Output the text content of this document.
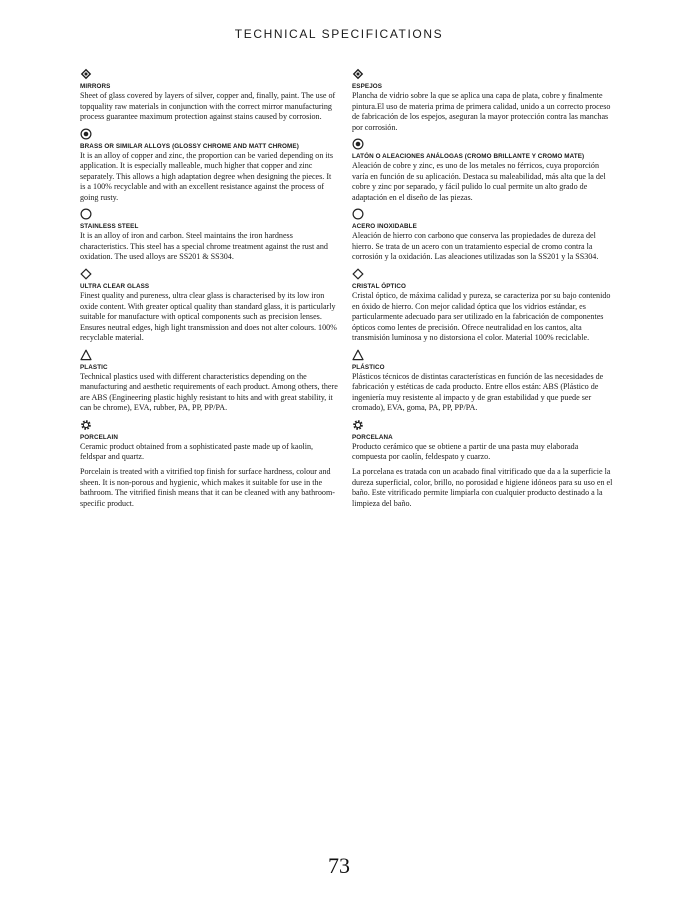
TECHNICAL SPECIFICATIONS
MIRRORS

Sheet of glass covered by layers of silver, copper and, finally, paint. The use of topquality raw materials in conjunction with the correct mirror manufacturing process guarantee maximum protection against stains caused by corrosion.

BRASS OR SIMILAR ALLOYS (GLOSSY CHROME AND MATT CHROME)

It is an alloy of copper and zinc, the proportion can be varied depending on its application. It is especially malleable, much higher that copper and zinc separately. This allows a high adaptation degree when designing the pieces. It is a 100% recyclable and with an excellent resistance against the process of going rusty.

STAINLESS STEEL

It is an alloy of iron and carbon. Steel maintains the iron hardness characteristics. This steel has a special chrome treatment against the rust and oxidation. The used alloys are SS201 & SS304.

ULTRA CLEAR GLASS

Finest quality and pureness, ultra clear glass is characterised by its low iron oxide content. With greater optical quality than standard glass, it is particularly suitable for manufacture with optical components such as precision lenses. Ensures neutral edges, high light transmission and does not alter colours. 100% recyclable material.

PLASTIC

Technical plastics used with different characteristics depending on the manufacturing and aesthetic requirements of each product. Among others, there are ABS (Engineering plastic highly resistant to hits and with great stability, it can be chrome), EVA, rubber, PA, PP, PP/PA.

PORCELAIN

Ceramic product obtained from a sophisticated paste made up of kaolin, feldspar and quartz.

Porcelain is treated with a vitrified top finish for surface hardness, colour and sheen. It is non-porous and hygienic, which makes it suitable for use in the bathroom. The vitrified finish means that it can be cleaned with any bathroom-specific product.

ESPEJOS

Plancha de vidrio sobre la que se aplica una capa de plata, cobre y finalmente pintura.El uso de materia prima de primera calidad, unido a un correcto proceso de fabricación de los espejos, aseguran la mayor protección contra las manchas por corrosión.

LATÓN O ALEACIONES ANÁLOGAS (CROMO BRILLANTE Y CROMO MATE)

Aleación de cobre y zinc, es uno de los metales no férricos, cuya proporción varía en función de su aplicación. Destaca su maleabilidad, más alta que la del cobre y zinc por separado, y fácil pulido lo cual permite un alto grado de adaptación en el diseño de las piezas.

ACERO INOXIDABLE

Aleación de hierro con carbono que conserva las propiedades de dureza del hierro. Se trata de un acero con un tratamiento especial de cromo contra la corrosión y la oxidación. Las aleaciones utilizadas son la SS201 y la SS304.

CRISTAL ÓPTICO

Cristal óptico, de máxima calidad y pureza, se caracteriza por su bajo contenido en óxido de hierro. Con mejor calidad óptica que los vidrios estándar, es particularmente adecuado para ser utilizado en la fabricación de componentes ópticos como lentes de precisión. Ofrece neutralidad en los cantos, alta transmisión luminosa y no distorsiona el color. Material 100% reciclable.

PLÁSTICO

Plásticos técnicos de distintas características en función de las necesidades de fabricación y estéticas de cada producto. Entre ellos están: ABS (Plástico de ingeniería muy resistente al impacto y de gran estabilidad y que puede ser cromado), EVA, goma, PA, PP, PP/PA.

PORCELANA

Producto cerámico que se obtiene a partir de una pasta muy elaborada compuesta por caolín, feldespato y cuarzo.

La porcelana es tratada con un acabado final vitrificado que da a la superficie la dureza superficial, color, brillo, no porosidad e higiene idóneos para su uso en el baño. Este vitrificado permite limpiarla con cualquier producto destinado a la limpieza del baño.

73
